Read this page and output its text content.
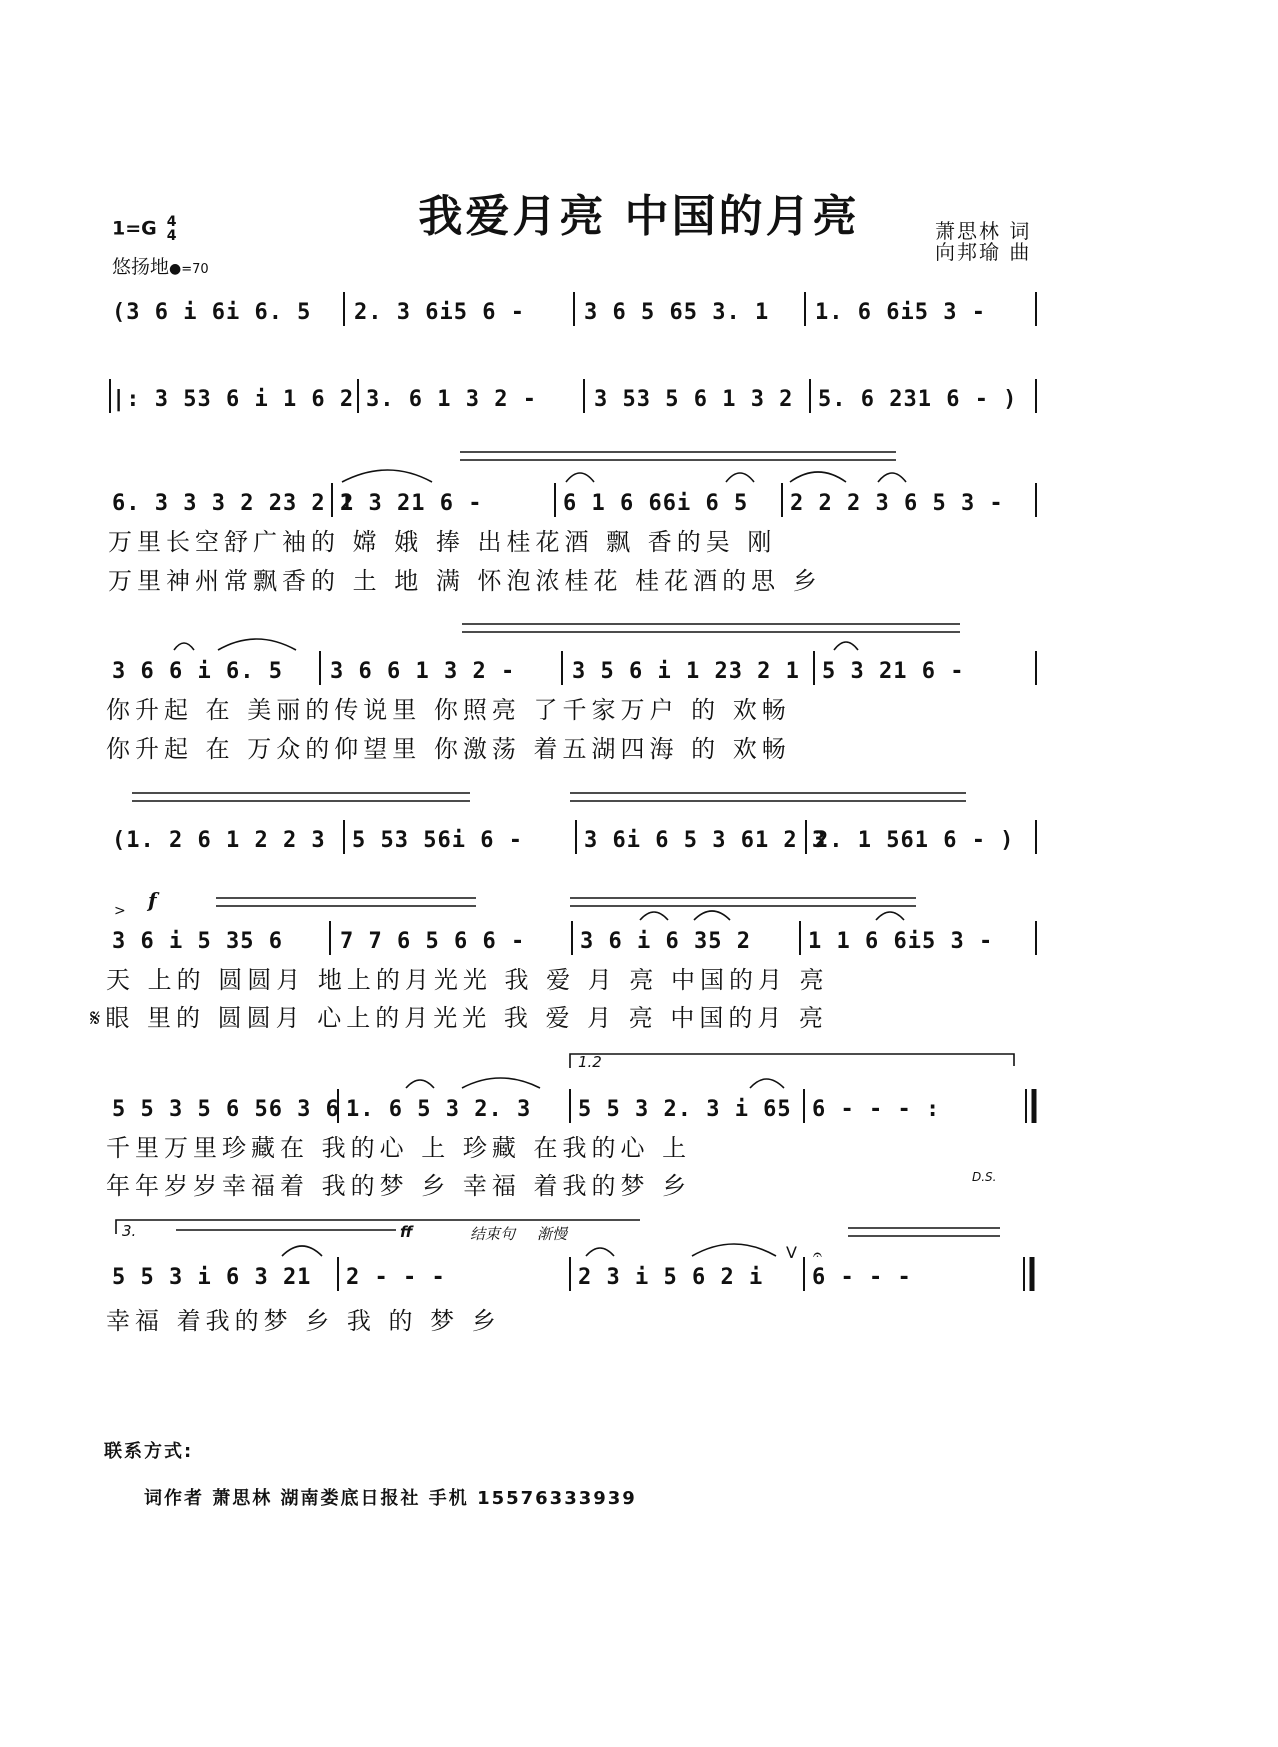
我爱月亮 中国的月亮
1=G 4
4
悠扬地●=70
萧思林 词
向邦瑜 曲
(3 6 i 6i 6. 5 2. 3 6i5 6 -	3 6 5 65 3. 1 1. 6 6i5 3 -
|: 3 53 6 i 1 6 2 3. 6 1 3 2 -	3 53 5 6 1 3 2 5. 6 231 6 - )
6. 3 3 3 2 23 2 1
2 3 21 6 -	6 1 6 66i 6 5 2 2 2 3 6 5 3 -
万里长空舒广袖的 嫦 娥 捧 出桂花酒 飘 香的吴 刚
万里神州常飘香的 土 地 满 怀泡浓桂花 桂花酒的思 乡
3 6 6 i 6. 5 3 6 6 1 3 2 -	3 5 6 i 1 23 2 1 5 3 21 6 -
你升起 在 美丽的传说里 你照亮 了千家万户 的 欢畅
你升起 在 万众的仰望里 你激荡 着五湖四海 的 欢畅
(1. 2 6 1 2 2 3 5 53 56i 6 -	3 6i 6 5 3 61 2 3
2. 1 561 6 - )
f
>
3 6 i 5 35 6	7 7 6 5 6 6 - 3 6 i 6 35 2	1 1 6 6i5 3 -
天 上的 圆圆月 地上的月光光 我 爱 月 亮 中国的月 亮
𝄋眼 里的 圆圆月 心上的月光光 我 爱 月 亮 中国的月 亮
1.2
5 5 3 5 6 56 3 6 1. 6 5 3 2. 3 5 5 3 2. 3 i 65 6 - - - :
千里万里珍藏在 我的心 上 珍藏 在我的心 上
年年岁岁幸福着 我的梦 乡 幸福 着我的梦 乡	D.S.
3.	ff	结束句 渐慢
5 5 3 i 6 3 21 2 - - -	2 3 i 5 6 2 i 6 - - -
V 𝄐
幸福 着我的梦 乡 我 的 梦 乡
联系方式:
词作者 萧思林 湖南娄底日报社 手机 15576333939
